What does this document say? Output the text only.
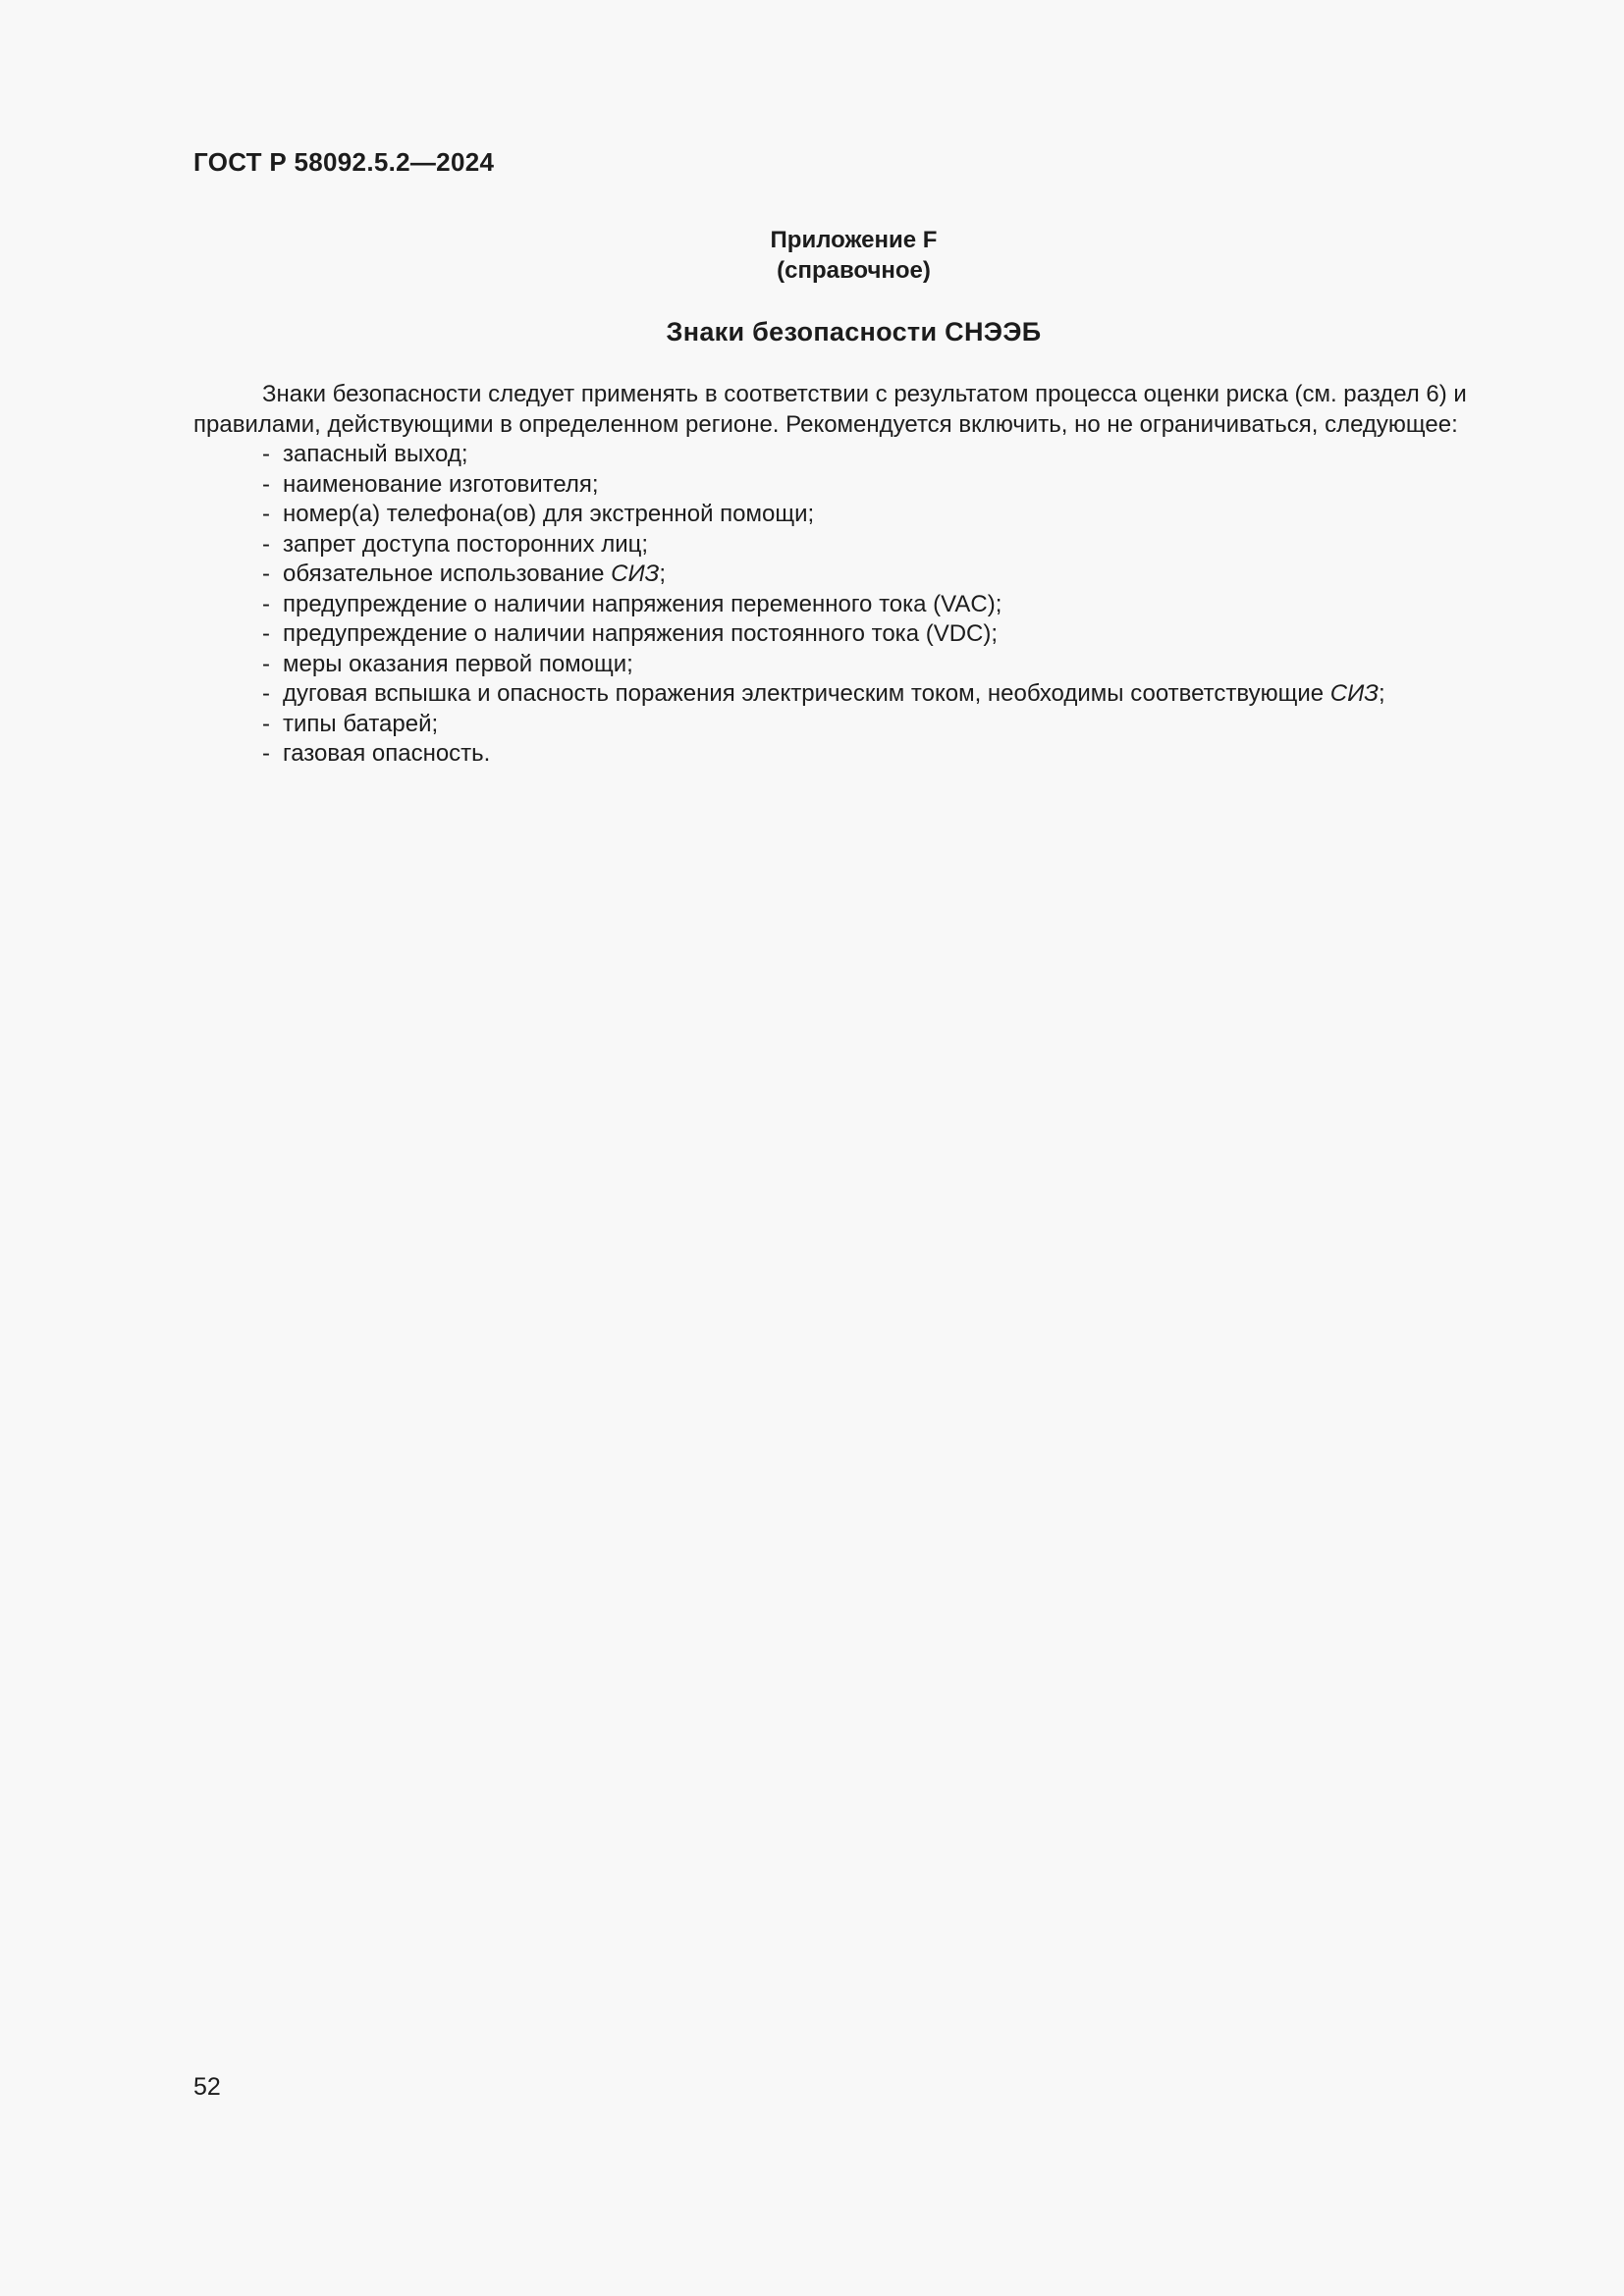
ГОСТ Р 58092.5.2—2024

Приложение F

(справочное)

Знаки безопасности СНЭЭБ

Знаки безопасности следует применять в соответствии с результатом процесса оценки риска (см. раздел 6) и правилами, действующими в определенном регионе. Рекомендуется включить, но не ограничиваться, следующее:

- запасный выход;
- наименование изготовителя;
- номер(а) телефона(ов) для экстренной помощи;
- запрет доступа посторонних лиц;
- обязательное использование СИЗ;
- предупреждение о наличии напряжения переменного тока (VAC);
- предупреждение о наличии напряжения постоянного тока (VDC);
- меры оказания первой помощи;
- дуговая вспышка и опасность поражения электрическим током, необходимы соответствующие СИЗ;
- типы батарей;
- газовая опасность.

52
